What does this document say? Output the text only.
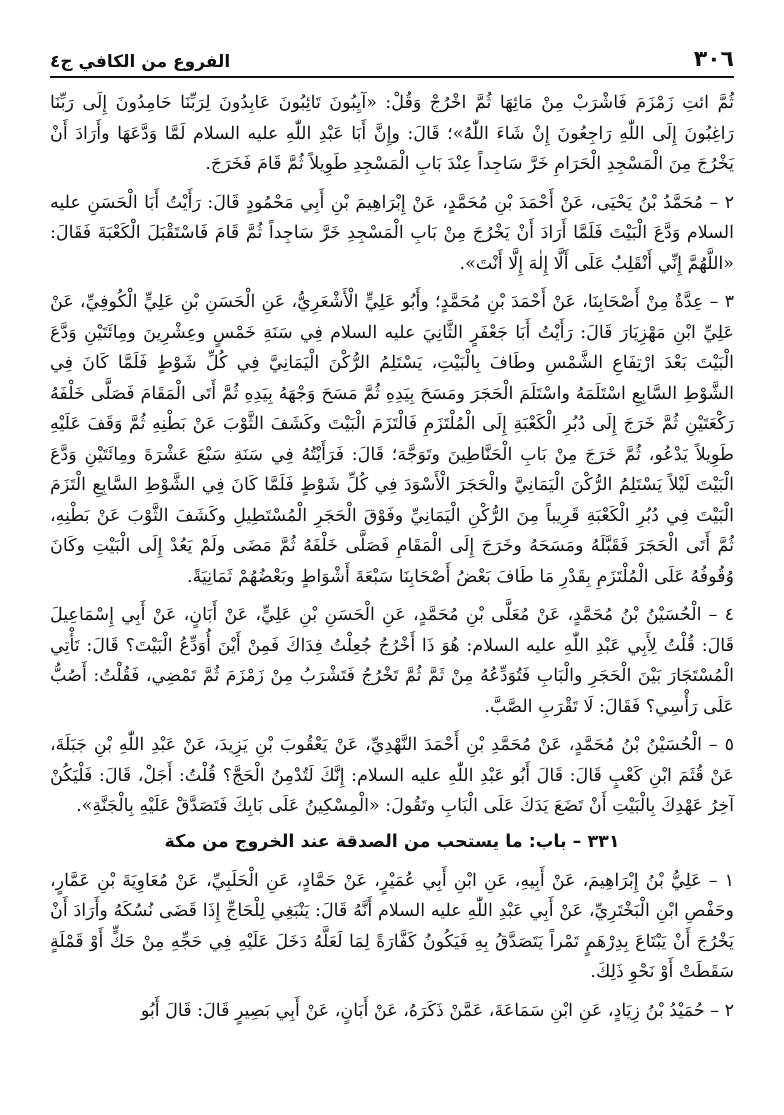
٣٠٦
الفروع من الكافي ج٤

ثُمَّ ائتِ زَمْزَمَ فَاشْرَبْ مِنْ مَائِهَا ثُمَّ اخْرُجْ وَقُلْ: «آيِبُونَ تَائِبُونَ عَابِدُونَ لِرَبِّنَا حَامِدُونَ إِلَى رَبِّنَا رَاغِبُونَ إِلَى اللّٰهِ رَاجِعُونَ إِنْ شَاءَ اللّٰهُ»؛ قَالَ: وإِنَّ أَبَا عَبْدِ اللّٰهِ عليه السلام لَمَّا وَدَّعَهَا وأَرَادَ أَنْ يَخْرُجَ مِنَ الْمَسْجِدِ الْحَرَامِ خَرَّ سَاجِداً عِنْدَ بَابِ الْمَسْجِدِ طَوِيلاً ثُمَّ قَامَ فَخَرَجَ.

٢ – مُحَمَّدُ بْنُ يَحْيَى، عَنْ أَحْمَدَ بْنِ مُحَمَّدٍ، عَنْ إِبْرَاهِيمَ بْنِ أَبِي مَحْمُودٍ قَالَ: رَأَيْتُ أَبَا الْحَسَنِ عليه السلام وَدَّعَ الْبَيْتَ فَلَمَّا أَرَادَ أَنْ يَخْرُجَ مِنْ بَابِ الْمَسْجِدِ خَرَّ سَاجِداً ثُمَّ قَامَ فَاسْتَقْبَلَ الْكَعْبَةَ فَقَالَ: «اللَّهُمَّ إِنِّي أَنْقَلِبُ عَلَى أَلَّا إِلٰهَ إِلَّا أَنْتَ».

٣ – عِدَّةٌ مِنْ أَصْحَابِنَا، عَنْ أَحْمَدَ بْنِ مُحَمَّدٍ؛ وأَبُو عَلِيٍّ الْأَشْعَرِيُّ، عَنِ الْحَسَنِ بْنِ عَلِيٍّ الْكُوفِيِّ، عَنْ عَلِيِّ ابْنِ مَهْزِيَارَ قَالَ: رَأَيْتُ أَبَا جَعْفَرٍ الثَّانِيَ عليه السلام فِي سَنَةِ خَمْسٍ وعِشْرِينَ ومِائَتَيْنِ وَدَّعَ الْبَيْتَ بَعْدَ ارْتِفَاعِ الشَّمْسِ وطَافَ بِالْبَيْتِ، يَسْتَلِمُ الرُّكْنَ الْيَمَانِيَّ فِي كُلِّ شَوْطٍ فَلَمَّا كَانَ فِي الشَّوْطِ السَّابِعِ اسْتَلَمَهُ واسْتَلَمَ الْحَجَرَ ومَسَحَ بِيَدِهِ ثُمَّ مَسَحَ وَجْهَهُ بِيَدِهِ ثُمَّ أَتَى الْمَقَامَ فَصَلَّى خَلْفَهُ رَكْعَتَيْنِ ثُمَّ خَرَجَ إِلَى دُبُرِ الْكَعْبَةِ إِلَى الْمُلْتَزَمِ فَالْتَزَمَ الْبَيْتَ وكَشَفَ الثَّوْبَ عَنْ بَطْنِهِ ثُمَّ وَقَفَ عَلَيْهِ طَوِيلاً يَدْعُو، ثُمَّ خَرَجَ مِنْ بَابِ الْحَنَّاطِينَ وتَوَجَّهَ؛ قَالَ: فَرَأَيْتُهُ فِي سَنَةِ سَبْعَ عَشْرَةَ ومِائَتَيْنِ وَدَّعَ الْبَيْتَ لَيْلاً يَسْتَلِمُ الرُّكْنَ الْيَمَانِيَّ والْحَجَرَ الْأَسْوَدَ فِي كُلِّ شَوْطٍ فَلَمَّا كَانَ فِي الشَّوْطِ السَّابِعِ الْتَزَمَ الْبَيْتَ فِي دُبُرِ الْكَعْبَةِ قَرِيباً مِنَ الرُّكْنِ الْيَمَانِيِّ وفَوْقَ الْحَجَرِ الْمُسْتَطِيلِ وكَشَفَ الثَّوْبَ عَنْ بَطْنِهِ، ثُمَّ أَتَى الْحَجَرَ فَقَبَّلَهُ ومَسَحَهُ وخَرَجَ إِلَى الْمَقَامِ فَصَلَّى خَلْفَهُ ثُمَّ مَضَى ولَمْ يَعُدْ إِلَى الْبَيْتِ وكَانَ وُقُوفُهُ عَلَى الْمُلْتَزَمِ بِقَدْرِ مَا طَافَ بَعْضُ أَصْحَابِنَا سَبْعَةَ أَشْوَاطٍ وبَعْضُهُمْ ثَمَانِيَةً.

٤ – الْحُسَيْنُ بْنُ مُحَمَّدٍ، عَنْ مُعَلَّى بْنِ مُحَمَّدٍ، عَنِ الْحَسَنِ بْنِ عَلِيٍّ، عَنْ أَبَانٍ، عَنْ أَبِي إِسْمَاعِيلَ قَالَ: قُلْتُ لِأَبِي عَبْدِ اللّٰهِ عليه السلام: هُوَ ذَا أَخْرُجُ جُعِلْتُ فِدَاكَ فَمِنْ أَيْنَ أُوَدِّعُ الْبَيْتَ؟ قَالَ: تَأْتِي الْمُسْتَجَارَ بَيْنَ الْحَجَرِ والْبَابِ فَتُوَدِّعُهُ مِنْ ثَمَّ ثُمَّ تَخْرُجُ فَتَشْرَبُ مِنْ زَمْزَمَ ثُمَّ تَمْضِي، فَقُلْتُ: أَصُبُّ عَلَى رَأْسِي؟ فَقَالَ: لَا تَقْرَبِ الصَّبَّ.

٥ – الْحُسَيْنُ بْنُ مُحَمَّدٍ، عَنْ مُحَمَّدِ بْنِ أَحْمَدَ النَّهْدِيِّ، عَنْ يَعْقُوبَ بْنِ يَزِيدَ، عَنْ عَبْدِ اللّٰهِ بْنِ جَبَلَةَ، عَنْ قُثَمَ ابْنِ كَعْبٍ قَالَ: قَالَ أَبُو عَبْدِ اللّٰهِ عليه السلام: إِنَّكَ لَتُدْمِنُ الْحَجَّ؟ قُلْتُ: أَجَلْ، قَالَ: فَلْيَكُنْ آخِرُ عَهْدِكَ بِالْبَيْتِ أَنْ تَضَعَ يَدَكَ عَلَى الْبَابِ وتَقُولَ: «الْمِسْكِينُ عَلَى بَابِكَ فَتَصَدَّقْ عَلَيْهِ بِالْجَنَّةِ».

٣٣١ – باب: ما يستحب من الصدقة عند الخروج من مكة

١ – عَلِيُّ بْنُ إِبْرَاهِيمَ، عَنْ أَبِيهِ، عَنِ ابْنِ أَبِي عُمَيْرٍ، عَنْ حَمَّادٍ، عَنِ الْحَلَبِيِّ، عَنْ مُعَاوِيَةَ بْنِ عَمَّارٍ، وحَفْصِ ابْنِ الْبَخْتَرِيِّ، عَنْ أَبِي عَبْدِ اللّٰهِ عليه السلام أَنَّهُ قَالَ: يَنْبَغِي لِلْحَاجِّ إِذَا قَضَى نُسُكَهُ وأَرَادَ أَنْ يَخْرُجَ أَنْ يَبْتَاعَ بِدِرْهَمٍ تَمْراً يَتَصَدَّقُ بِهِ فَيَكُونُ كَفَّارَةً لِمَا لَعَلَّهُ دَخَلَ عَلَيْهِ فِي حَجِّهِ مِنْ حَكٍّ أَوْ قَمْلَةٍ سَقَطَتْ أَوْ نَحْوِ ذَلِكَ.

٢ – حُمَيْدُ بْنُ زِيَادٍ، عَنِ ابْنِ سَمَاعَةَ، عَمَّنْ ذَكَرَهُ، عَنْ أَبَانٍ، عَنْ أَبِي بَصِيرٍ قَالَ: قَالَ أَبُو
